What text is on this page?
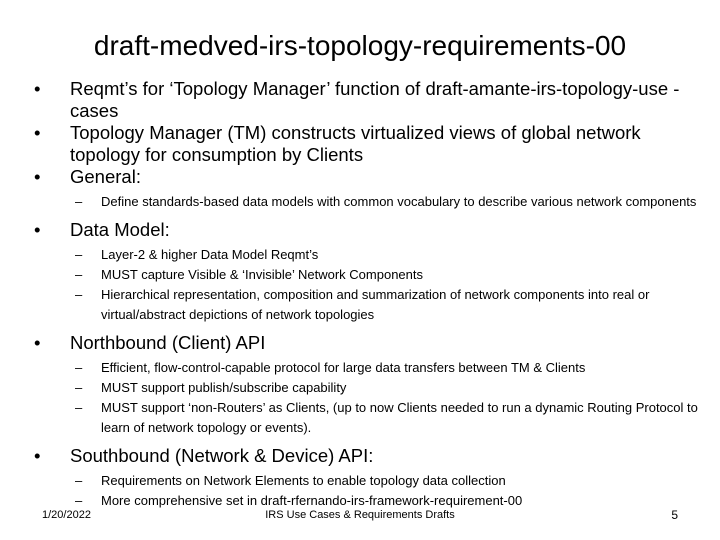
draft-medved-irs-topology-requirements-00
• Reqmt’s for ‘Topology Manager’ function of draft-amante-irs-topology-use -cases
• Topology Manager (TM) constructs virtualized views of global network topology for consumption by Clients
• General:
– Define standards-based data models with common vocabulary to describe various network components
• Data Model:
– Layer-2 & higher Data Model Reqmt’s
– MUST capture Visible & ‘Invisible’ Network Components
– Hierarchical representation, composition and summarization of network components into real or virtual/abstract depictions of network topologies
• Northbound (Client) API
– Efficient, flow-control-capable protocol for large data transfers between TM & Clients
– MUST support publish/subscribe capability
– MUST support ‘non-Routers’ as Clients, (up to now Clients needed to run a dynamic Routing Protocol to learn of network topology or events).
• Southbound (Network & Device) API:
– Requirements on Network Elements to enable topology data collection
– More comprehensive set in draft-rfernando-irs-framework-requirement-00
1/20/2022	IRS Use Cases & Requirements Drafts	5
